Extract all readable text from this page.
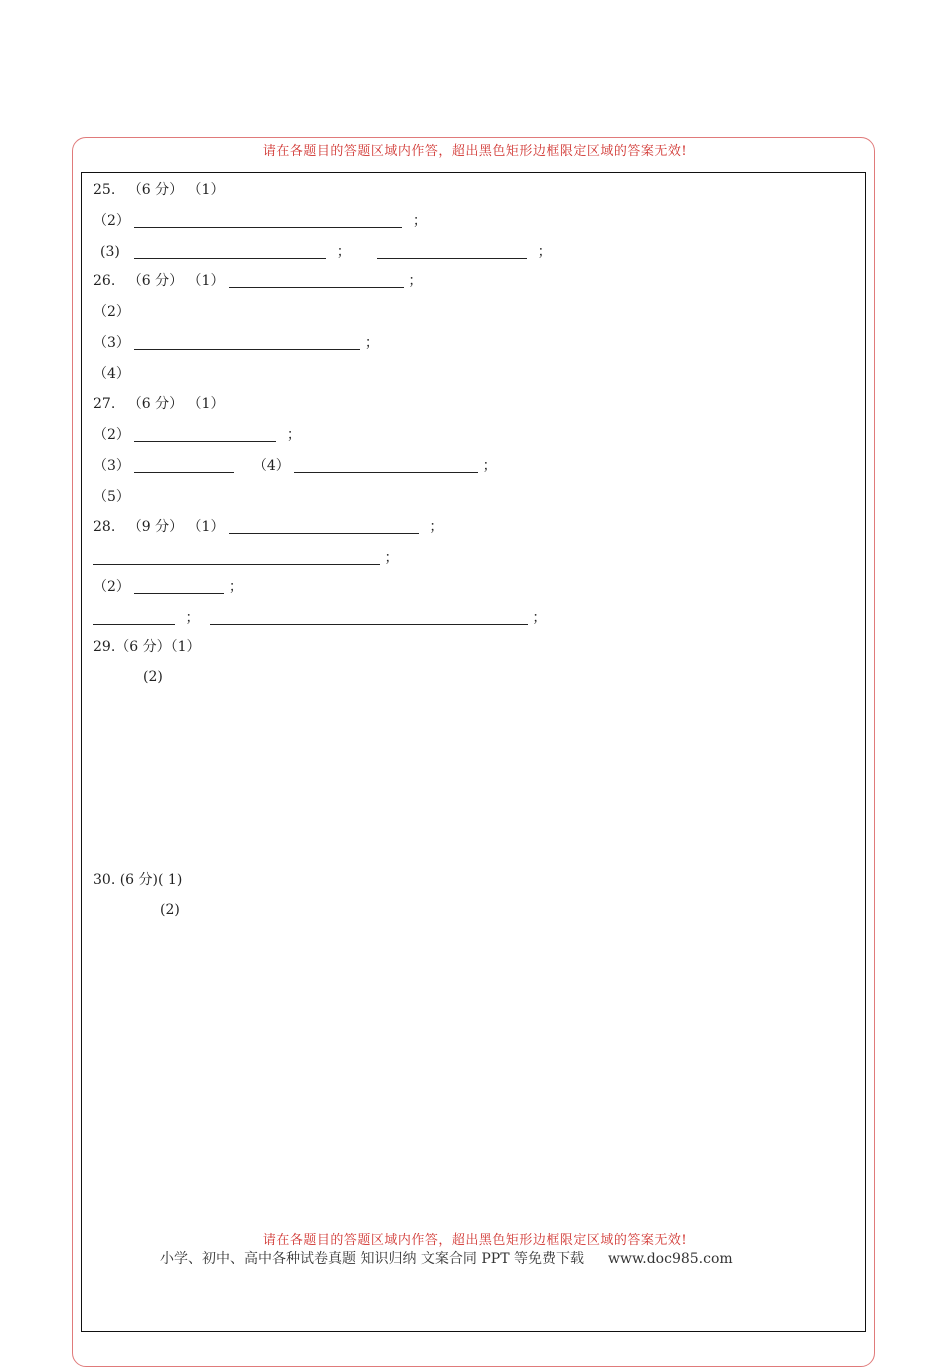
请在各题目的答题区域内作答，超出黑色矩形边框限定区域的答案无效!
25. （6 分） （1）
（2）	；
(3)	；	；
26. （6 分） （1）	；
（2）
（3）	；
（4）
27. （6 分） （1）
（2）	；
（3）	（4）	；
（5）
28. （9 分） （1）	；
；
（2）	；
；	；
29.（6 分）（1）
(2)
30. (6 分)( 1)
(2)
请在各题目的答题区域内作答，超出黑色矩形边框限定区域的答案无效!
小学、初中、高中各种试卷真题 知识归纳 文案合同 PPT 等免费下载 www.doc985.com
